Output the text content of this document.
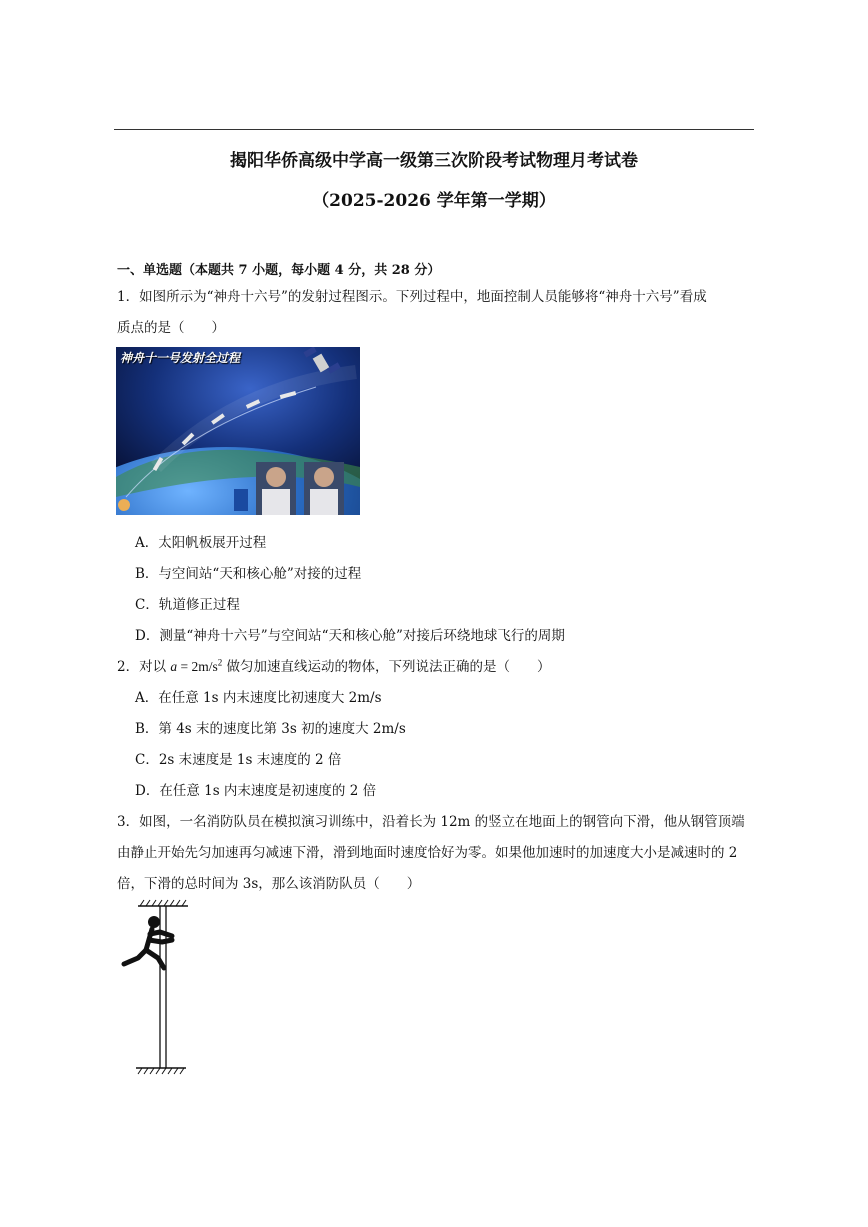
揭阳华侨高级中学高一级第三次阶段考试物理月考试卷
（2025-2026 学年第一学期）
一、单选题（本题共 7 小题，每小题 4 分，共 28 分）
1．如图所示为“神舟十六号”的发射过程图示。下列过程中，地面控制人员能够将“神舟十六号”看成
质点的是（　　）
神舟十一号发射全过程
A．太阳帆板展开过程
B．与空间站“天和核心舱”对接的过程
C．轨道修正过程
D．测量“神舟十六号”与空间站“天和核心舱”对接后环绕地球飞行的周期
2．对以 $a = 2m/s^2$ 做匀加速直线运动的物体，下列说法正确的是（　　）
A．在任意 1s 内末速度比初速度大 2m/s
B．第 4s 末的速度比第 3s 初的速度大 2m/s
C．2s 末速度是 1s 末速度的 2 倍
D．在任意 1s 内末速度是初速度的 2 倍
3．如图，一名消防队员在模拟演习训练中，沿着长为 12m 的竖立在地面上的钢管向下滑，他从钢管顶端
由静止开始先匀加速再匀减速下滑，滑到地面时速度恰好为零。如果他加速时的加速度大小是减速时的 2
倍，下滑的总时间为 3s，那么该消防队员（　　）
